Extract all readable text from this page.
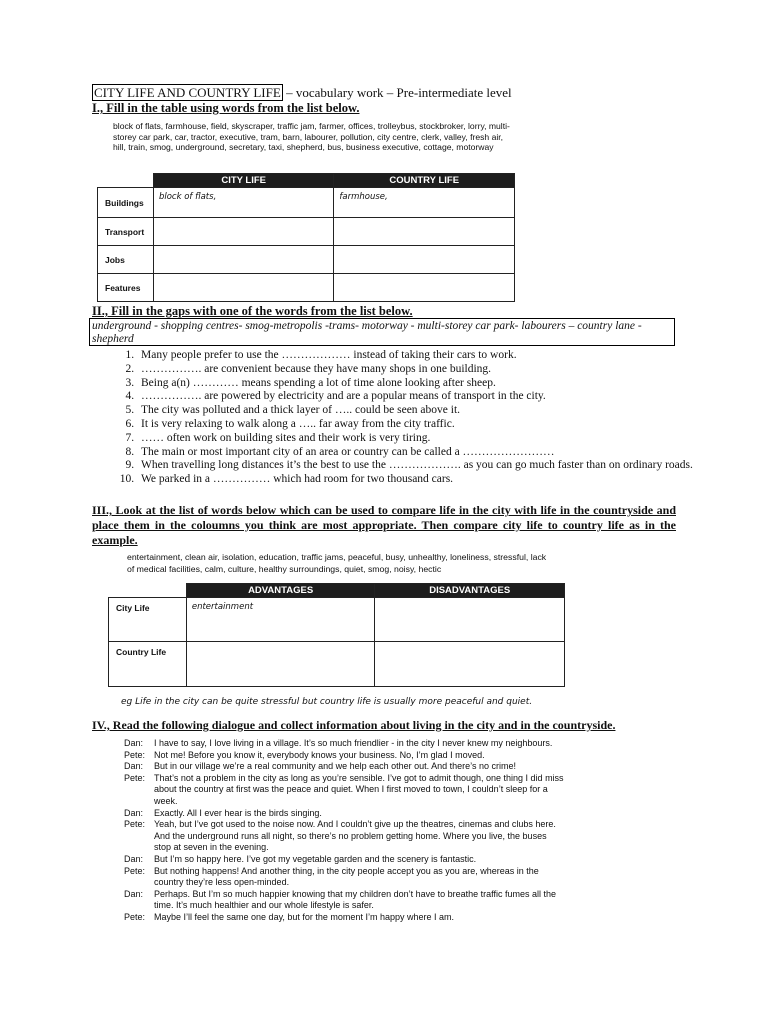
CITY LIFE AND COUNTRY LIFE – vocabulary work – Pre-intermediate level
I., Fill in the table using words from the list below.
block of flats, farmhouse, field, skyscraper, traffic jam, farmer, offices, trolleybus, stockbroker, lorry, multi-storey car park, car, tractor, executive, tram, barn, labourer, pollution, city centre, clerk, valley, fresh air, hill, train, smog, underground, secretary, taxi, shepherd, bus, business executive, cottage, motorway
	CITY LIFE	COUNTRY LIFE
Buildings	block of flats,	farmhouse,
Transport		
Jobs		
Features		
II., Fill in the gaps with one of the words from the list below.
underground - shopping centres- smog-metropolis -trams- motorway - multi-storey car park- labourers – country lane - shepherd
1. Many people prefer to use the ……………… instead of taking their cars to work.
2. ……………. are convenient because they have many shops in one building.
3. Being a(n) ………… means spending a lot of time alone looking after sheep.
4. ……………. are powered by electricity and are a popular means of transport in the city.
5. The city was polluted and a thick layer of ….. could be seen above it.
6. It is very relaxing to walk along a ….. far away from the city traffic.
7. …… often work on building sites and their work is very tiring.
8. The main or most important city of an area or country can be called a ……………………
9. When travelling long distances it’s the best to use the ………………. as you can go much faster than on ordinary roads.
10. We parked in a …………… which had room for two thousand cars.
III., Look at the list of words below which can be used to compare life in the city with life in the countryside and place them in the coloumns you think are most appropriate. Then compare city life to country life as in the example.
entertainment, clean air, isolation, education, traffic jams, peaceful, busy, unhealthy, loneliness, stressful, lack of medical facilities, calm, culture, healthy surroundings, quiet, smog, noisy, hectic
	ADVANTAGES	DISADVANTAGES
City Life	entertainment	
Country Life		
eg Life in the city can be quite stressful but country life is usually more peaceful and quiet.
IV., Read the following dialogue and collect information about living in the city and in the countryside.
Dan:	I have to say, I love living in a village. It’s so much friendlier - in the city I never knew my neighbours.
Pete: Not me! Before you know it, everybody knows your business. No, I’m glad I moved.
Dan:	But in our village we’re a real community and we help each other out. And there’s no crime!
Pete: That’s not a problem in the city as long as you’re sensible. I’ve got to admit though, one thing I did miss about the country at first was the peace and quiet. When I first moved to town, I couldn’t sleep for a week.
Dan:	Exactly. All I ever hear is the birds singing.
Pete: Yeah, but I’ve got used to the noise now. And I couldn’t give up the theatres, cinemas and clubs here. And the underground runs all night, so there’s no problem getting home. Where you live, the buses stop at seven in the evening.
Dan:	But I’m so happy here. I’ve got my vegetable garden and the scenery is fantastic.
Pete: But nothing happens! And another thing, in the city people accept you as you are, whereas in the country they’re less open-minded.
Dan:	Perhaps. But I’m so much happier knowing that my children don’t have to breathe traffic fumes all the time. It’s much healthier and our whole lifestyle is safer.
Pete: Maybe I’ll feel the same one day, but for the moment I’m happy where I am.
